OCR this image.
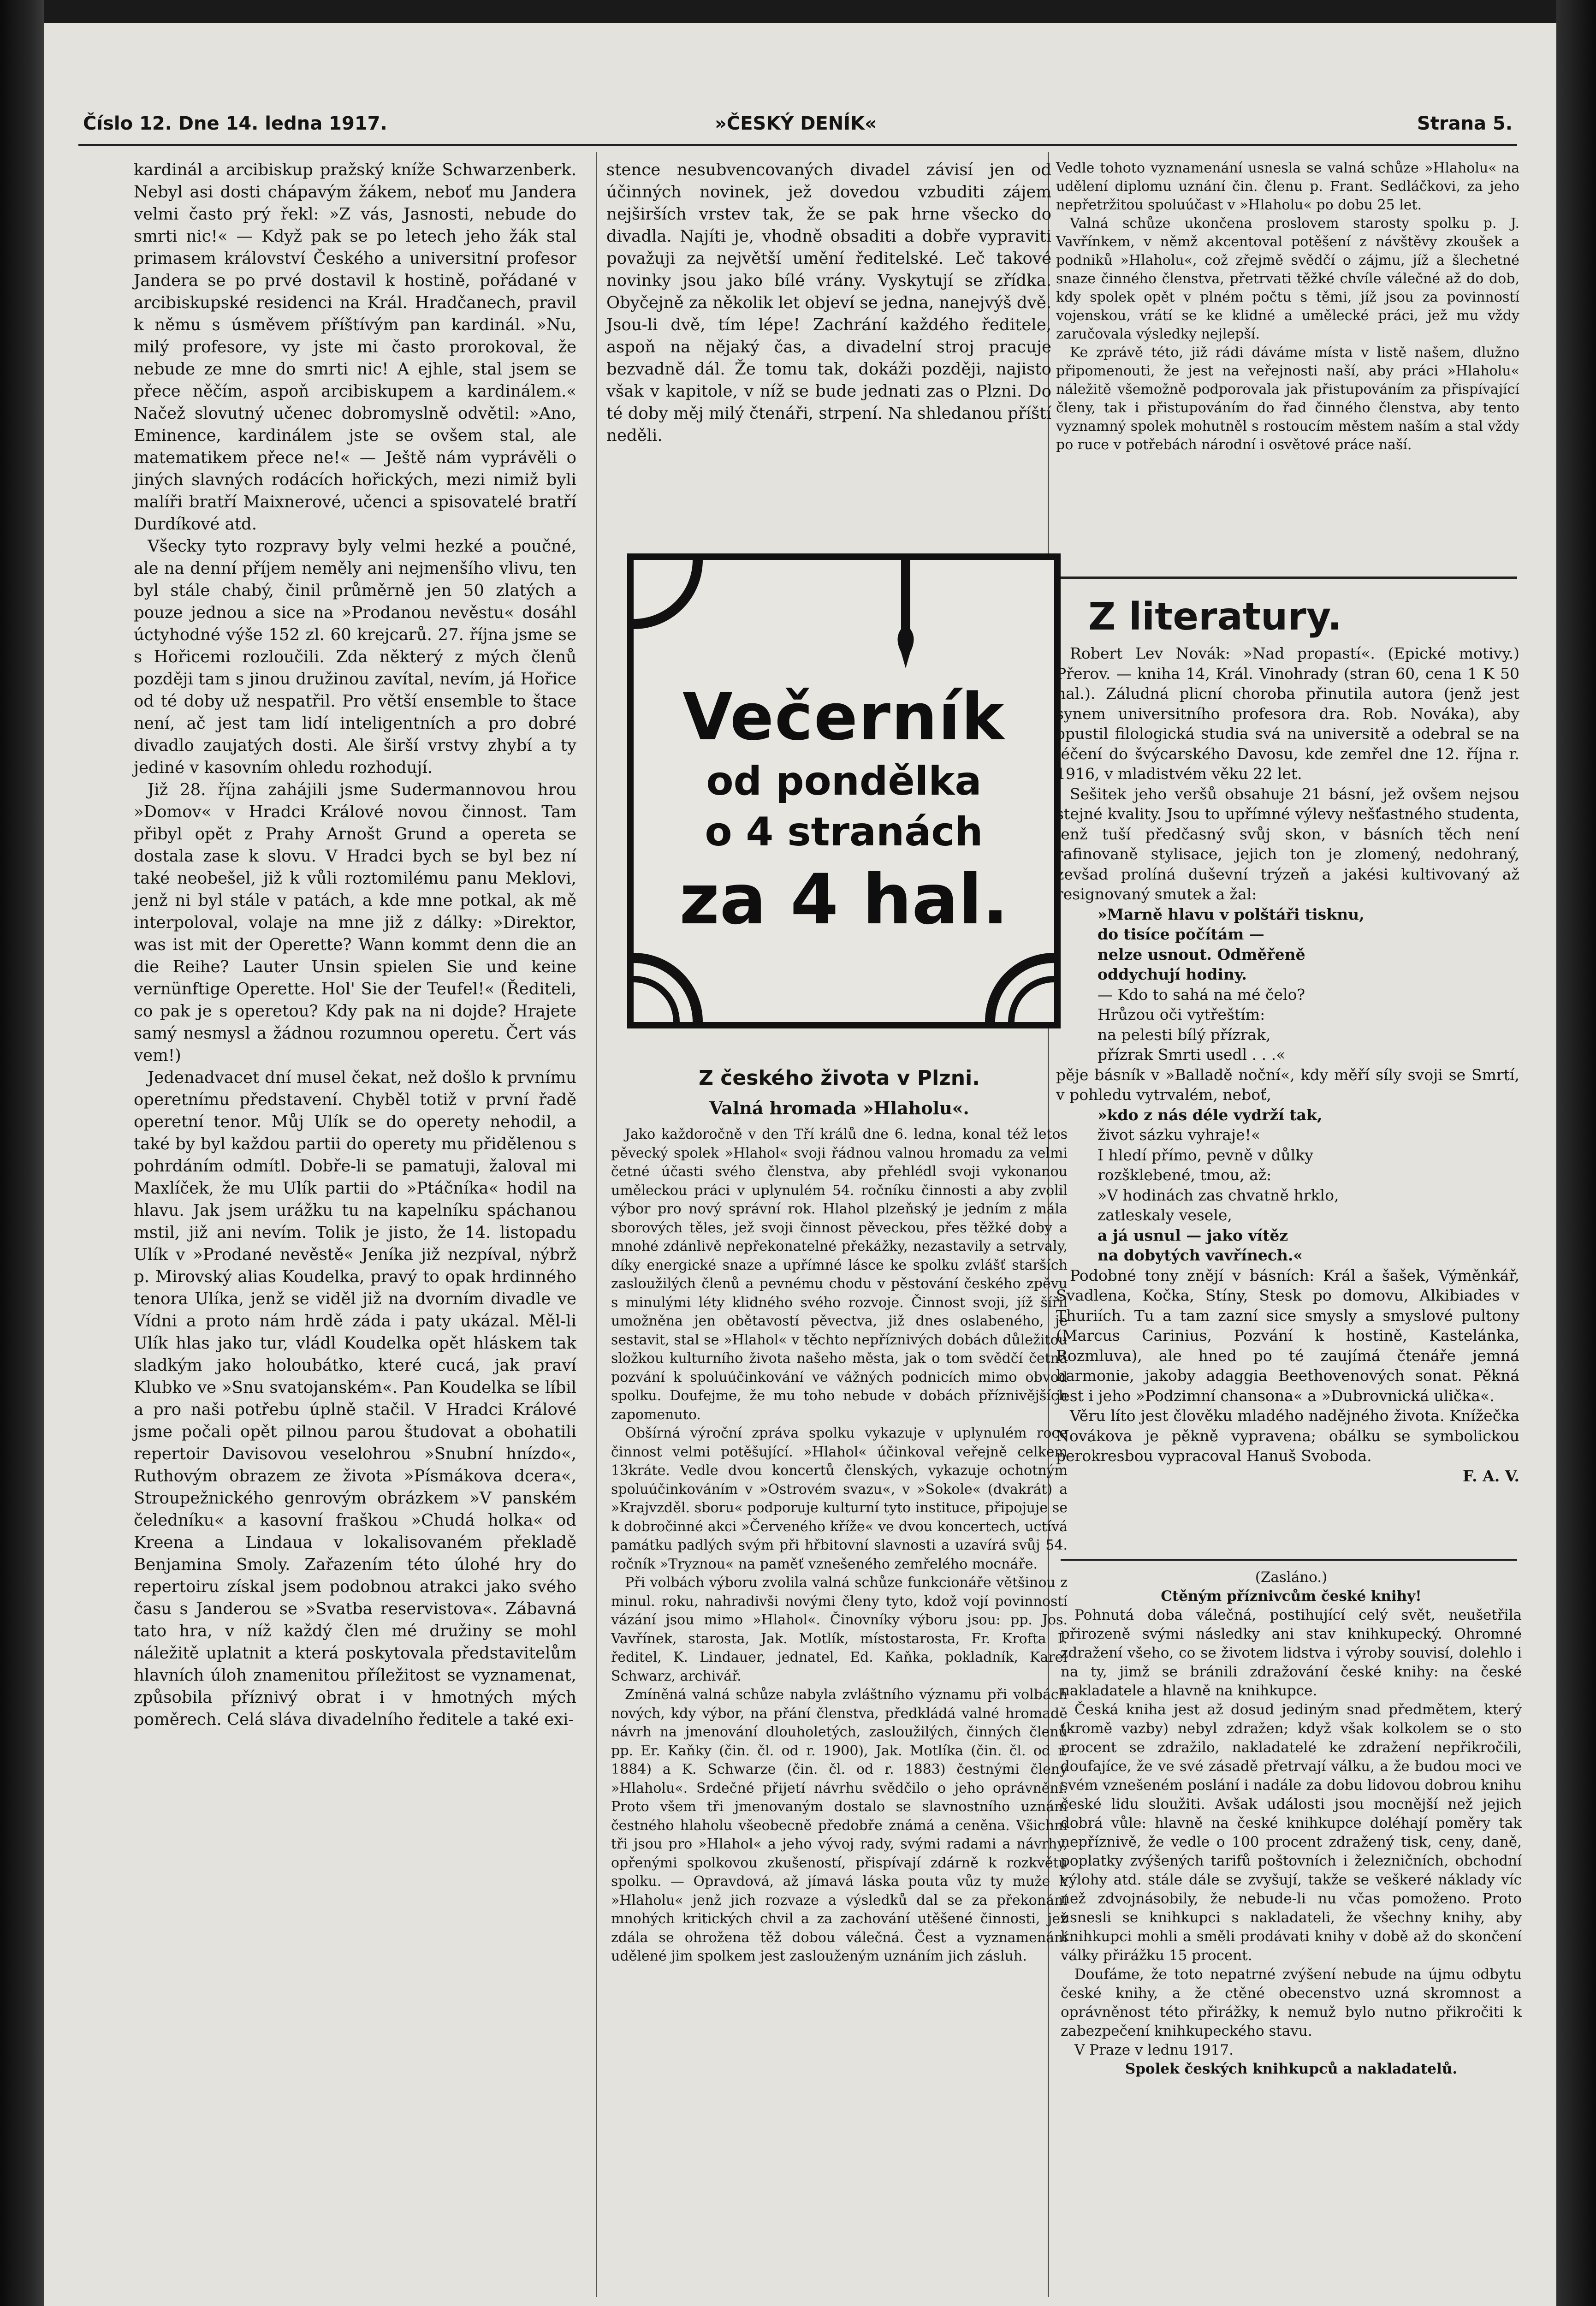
Číslo 12. Dne 14. ledna 1917.	»ČESKÝ DENÍK«	Strana 5.

kardinál a arcibiskup pražský kníže Schwarzenberk. Nebyl asi dosti chápavým žákem, neboť mu Jandera velmi často prý řekl: »Z vás, Jasnosti, nebude do smrti nic!« — Když pak se po letech jeho žák stal primasem království Českého a universitní profesor Jandera se po prvé dostavil k hostině, pořádané v arcibiskupské residenci na Král. Hradčanech, pravil k němu s úsměvem příštívým pan kardinál. »Nu, milý profesore, vy jste mi často prorokoval, že nebude ze mne do smrti nic! A ejhle, stal jsem se přece něčím, aspoň arcibiskupem a kardinálem.« Načež slovutný učenec dobromyslně odvětil: »Ano, Eminence, kardinálem jste se ovšem stal, ale matematikem přece ne!« — Ještě nám vyprávěli o jiných slavných rodácích hořických, mezi nimiž byli malíři bratří Maixnerové, učenci a spisovatelé bratří Durdíkové atd.

Všecky tyto rozpravy byly velmi hezké a poučné, ale na denní příjem neměly ani nejmenšího vlivu, ten byl stále chabý, činil průměrně jen 50 zlatých a pouze jednou a sice na »Prodanou nevěstu« dosáhl úctyhodné výše 152 zl. 60 krejcarů. 27. října jsme se s Hořicemi rozloučili. Zda některý z mých členů později tam s jinou družinou zavítal, nevím, já Hořice od té doby už nespatřil. Pro větší ensemble to štace není, ač jest tam lidí inteligentních a pro dobré divadlo zaujatých dosti. Ale širší vrstvy zhybí a ty jediné v kasovním ohledu rozhodují.

Již 28. října zahájili jsme Sudermannovou hrou »Domov« v Hradci Králové novou činnost. Tam přibyl opět z Prahy Arnošt Grund a opereta se dostala zase k slovu. V Hradci bych se byl bez ní také neobešel, již k vůli roztomilému panu Meklovi, jenž ni byl stále v patách, a kde mne potkal, ak mě interpoloval, volaje na mne již z dálky: »Direktor, was ist mit der Operette? Wann kommt denn die an die Reihe? Lauter Unsin spielen Sie und keine vernünftige Operette. Hol' Sie der Teufel!« (Řediteli, co pak je s operetou? Kdy pak na ni dojde? Hrajete samý nesmysl a žádnou rozumnou operetu. Čert vás vem!)

Jedenadvacet dní musel čekat, než došlo k prvnímu operetnímu představení. Chyběl totiž v první řadě operetní tenor. Můj Ulík se do operety nehodil, a také by byl každou partii do operety mu přidělenou s pohrdáním odmítl. Dobře-li se pamatuji, žaloval mi Maxlíček, že mu Ulík partii do »Ptáčníka« hodil na hlavu. Jak jsem urážku tu na kapelníku spáchanou mstil, již ani nevím. Tolik je jisto, že 14. listopadu Ulík v »Prodané nevěstě« Jeníka již nezpíval, nýbrž p. Mirovský alias Koudelka, pravý to opak hrdinného tenora Ulíka, jenž se viděl již na dvorním divadle ve Vídni a proto nám hrdě záda i paty ukázal. Měl-li Ulík hlas jako tur, vládl Koudelka opět hláskem tak sladkým jako holoubátko, které cucá, jak praví Klubko ve »Snu svatojanském«. Pan Koudelka se líbil a pro naši potřebu úplně stačil. V Hradci Králové jsme počali opět pilnou parou študovat a obohatili repertoir Davisovou veselohrou »Snubní hnízdo«, Ruthovým obrazem ze života »Písmákova dcera«, Stroupežnického genrovým obrázkem »V panském čeledníku« a kasovní fraškou »Chudá holka« od Kreena a Lindaua v lokalisovaném překladě Benjamina Smoly. Zařazením této úlohé hry do repertoiru získal jsem podobnou atrakci jako svého času s Janderou se »Svatba reservistova«. Zábavná tato hra, v níž každý člen mé družiny se mohl náležitě uplatnit a která poskytovala představitelům hlavních úloh znamenitou příležitost se vyznamenat, způsobila příznivý obrat i v hmotných mých poměrech. Celá sláva divadelního ředitele a také exi-

stence nesubvencovaných divadel závisí jen od účinných novinek, jež dovedou vzbuditi zájem nejširších vrstev tak, že se pak hrne všecko do divadla. Najíti je, vhodně obsaditi a dobře vypraviti považuji za největší umění ředitelské. Leč takové novinky jsou jako bílé vrány. Vyskytují se zřídka. Obyčejně za několik let objeví se jedna, nanejvýš dvě. Jsou-li dvě, tím lépe! Zachrání každého ředitele, aspoň na nějaký čas, a divadelní stroj pracuje bezvadně dál. Že tomu tak, dokáži později, najisto však v kapitole, v níž se bude jednati zas o Plzni. Do té doby měj milý čtenáři, strpení. Na shledanou příští neděli.

Večerník
od pondělka
o 4 stranách
za 4 hal.
Z českého života v Plzni.
Valná hromada »Hlaholu«.

Jako každoročně v den Tří králů dne 6. ledna, konal též letos pěvecký spolek »Hlahol« svoji řádnou valnou hromadu za velmi četné účasti svého členstva, aby přehlédl svoji vykonanou uměleckou práci v uplynulém 54. ročníku činnosti a aby zvolil výbor pro nový správní rok. Hlahol plzeňský je jedním z mála sborových těles, jež svoji činnost pěveckou, přes těžké doby a mnohé zdánlivě nepřekonatelné překážky, nezastavily a setrvaly, díky energické snaze a upřímné lásce ke spolku zvlášť starších zasloužilých členů a pevnému chodu v pěstování českého zpěvu s minulými léty klidného svého rozvoje. Činnost svoji, jíž šířil umožněna jen obětavostí pěvectva, již dnes oslabeného, je sestavit, stal se »Hlahol« v těchto nepříznivých dobách důležitou složkou kulturního života našeho města, jak o tom svědčí četná pozvání k spoluúčinkování ve vážných podnicích mimo obvod spolku. Doufejme, že mu toho nebude v dobách příznivějších zapomenuto.

Obšírná výroční zpráva spolku vykazuje v uplynulém roce činnost velmi potěšující. »Hlahol« účinkoval veřejně celkem 13kráte. Vedle dvou koncertů členských, vykazuje ochotným spoluúčinkováním v »Ostrovém svazu«, v »Sokole« (dvakrát) a »Krajvzděl. sboru« podporuje kulturní tyto instituce, připojuje se k dobročinné akci »Červeného kříže« ve dvou koncertech, uctívá památku padlých svým při hřbitovní slavnosti a uzavírá svůj 54. ročník »Tryznou« na paměť vznešeného zemřelého mocnáře.

Při volbách výboru zvolila valná schůze funkcionáře většinou z minul. roku, nahradivši novými členy tyto, kdož vojí povinností vázání jsou mimo »Hlahol«. Činovníky výboru jsou: pp. Jos. Vavřínek, starosta, Jak. Motlík, místostarosta, Fr. Krofta I. ředitel, K. Lindauer, jednatel, Ed. Kaňka, pokladník, Karel Schwarz, archivář.

Zmíněná valná schůze nabyla zvláštního významu při volbách nových, kdy výbor, na přání členstva, předkládá valné hromadě návrh na jmenování dlouholetých, zasloužilých, činných členů pp. Er. Kaňky (čin. čl. od r. 1900), Jak. Motlíka (čin. čl. od r. 1884) a K. Schwarze (čin. čl. od r. 1883) čestnými členy »Hlaholu«. Srdečné přijetí návrhu svědčilo o jeho oprávnění. Proto všem tři jmenovaným dostalo se slavnostního uznání čestného hlaholu všeobecně předobře známá a ceněna. Všichni tři jsou pro »Hlahol« a jeho vývoj rady, svými radami a návrhy, opřenými spolkovou zkušeností, přispívají zdárně k rozkvětu spolku. — Opravdová, až jímavá láska pouta vůz ty muže k »Hlaholu« jenž jich rozvaze a výsledků dal se za překonání mnohých kritických chvil a za zachování utěšené činnosti, jež zdála se ohrožena těž dobou válečná. Čest a vyznamenání udělené jim spolkem jest zaslouženým uznáním jich zásluh.

Vedle tohoto vyznamenání usnesla se valná schůze »Hlaholu« na udělení diplomu uznání čin. členu p. Frant. Sedláčkovi, za jeho nepřetržitou spoluúčast v »Hlaholu« po dobu 25 let.

Valná schůze ukončena proslovem starosty spolku p. J. Vavřínkem, v němž akcentoval potěšení z návštěvy zkoušek a podniků »Hlaholu«, což zřejmě svědčí o zájmu, jíž a šlechetné snaze činného členstva, přetrvati těžké chvíle válečné až do dob, kdy spolek opět v plném počtu s těmi, jíž jsou za povinností vojenskou, vrátí se ke klidné a umělecké práci, jež mu vždy zaručovala výsledky nejlepší.

Ke zprávě této, již rádi dáváme místa v listě našem, dlužno připomenouti, že jest na veřejnosti naší, aby práci »Hlaholu« náležitě všemožně podporovala jak přistupováním za přispívající členy, tak i přistupováním do řad činného členstva, aby tento vyznamný spolek mohutněl s rostoucím městem naším a stal vždy po ruce v potřebách národní i osvětové práce naší.

Z literatury.

Robert Lev Novák: »Nad propastí«. (Epické motivy.) Přerov. — kniha 14, Král. Vinohrady (stran 60, cena 1 K 50 hal.). Záludná plicní choroba přinutila autora (jenž jest synem universitního profesora dra. Rob. Nováka), aby opustil filologická studia svá na universitě a odebral se na léčení do švýcarského Davosu, kde zemřel dne 12. října r. 1916, v mladistvém věku 22 let.

Sešitek jeho veršů obsahuje 21 básní, jež ovšem nejsou stejné kvality. Jsou to upřímné výlevy nešťastného studenta, jenž tuší předčasný svůj skon, v básních těch není rafinovaně stylisace, jejich ton je zlomený, nedohraný, zevšad prolíná duševní trýzeň a jakési kultivovaný až resignovaný smutek a žal:

»Marně hlavu v polštáři tisknu,
do tisíce počítám —
nelze usnout. Odměřeně
oddychují hodiny.
— Kdo to sahá na mé čelo?
Hrůzou oči vytřeštím:
na pelesti bílý přízrak,
přízrak Smrti usedl . . .«

pěje básník v »Balladě noční«, kdy měří síly svoji se Smrtí, v pohledu vytrvalém, neboť,

»kdo z nás déle vydrží tak,
život sázku vyhraje!«
I hledí přímo, pevně v důlky
rozšklebené, tmou, až:
»V hodinách zas chvatně hrklo,
zatleskaly vesele,
a já usnul — jako vítěz
na dobytých vavřínech.«

Podobné tony znějí v básních: Král a šašek, Výměnkář, Svadlena, Kočka, Stíny, Stesk po domovu, Alkibiades v Thuriích. Tu a tam zazní sice smysly a smyslové pultony (Marcus Carinius, Pozvání k hostině, Kastelánka, Rozmluva), ale hned po té zaujímá čtenáře jemná harmonie, jakoby adaggia Beethovenových sonat. Pěkná jest i jeho »Podzimní chansona« a »Dubrovnická ulička«.

Věru líto jest člověku mladého nadějného života. Knížečka Novákova je pěkně vypravena; obálku se symbolickou perokresbou vypracoval Hanuš Svoboda.

F. A. V.

(Zasláno.)

Ctěným příznivcům české knihy!

Pohnutá doba válečná, postihující celý svět, neušetřila přirozeně svými následky ani stav knihkupecký. Ohromné zdražení všeho, co se životem lidstva i výroby souvisí, dolehlo i na ty, jimž se bránili zdražování české knihy: na české nakladatele a hlavně na knihkupce.

Česká kniha jest až dosud jediným snad předmětem, který (kromě vazby) nebyl zdražen; když však kolkolem se o sto procent se zdražilo, nakladatelé ke zdražení nepřikročili, doufajíce, že ve své zásadě přetrvají válku, a že budou moci ve svém vznešeném poslání i nadále za dobu lidovou dobrou knihu české lidu sloužiti. Avšak události jsou mocnější než jejich dobrá vůle: hlavně na české knihkupce doléhají poměry tak nepříznivě, že vedle o 100 procent zdražený tisk, ceny, daně, poplatky zvýšených tarifů poštovních i železničních, obchodní výlohy atd. stále dále se zvyšují, takže se veškeré náklady víc než zdvojnásobily, že nebude-li nu včas pomoženo. Proto usnesli se knihkupci s nakladateli, že všechny knihy, aby knihkupci mohli a směli prodávati knihy v době až do skončení války přirážku 15 procent.

Doufáme, že toto nepatrné zvýšení nebude na újmu odbytu české knihy, a že ctěné obecenstvo uzná skromnost a oprávněnost této přirážky, k nemuž bylo nutno přikročiti k zabezpečení knihkupeckého stavu.

V Praze v lednu 1917.

Spolek českých knihkupců a nakladatelů.
